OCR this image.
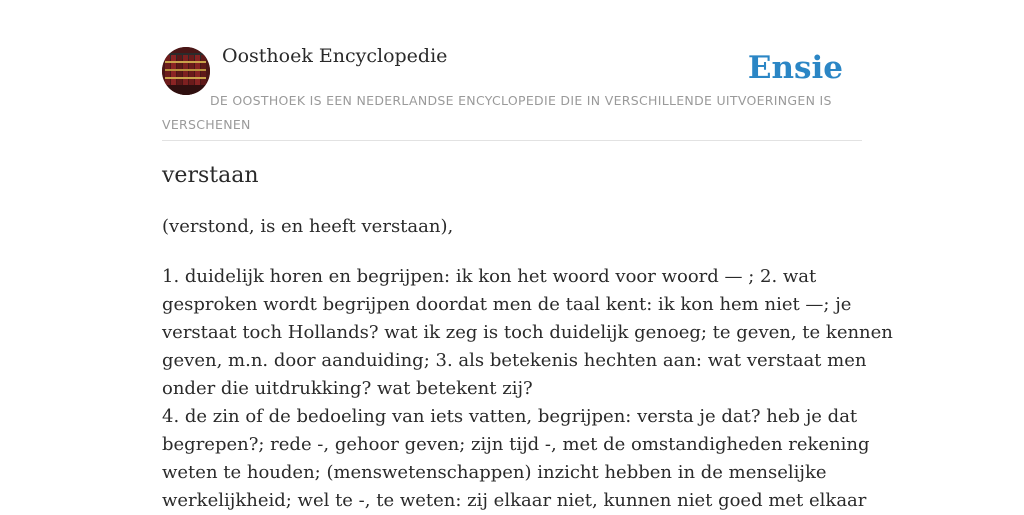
Oosthoek Encyclopedie	Ensie
DE OOSTHOEK IS EEN NEDERLANDSE ENCYCLOPEDIE DIE IN VERSCHILLENDE UITVOERINGEN IS VERSCHENEN
verstaan

(verstond, is en heeft verstaan),

1. duidelijk horen en begrijpen: ik kon het woord voor woord — ; 2. wat
gesproken wordt begrijpen doordat men de taal kent: ik kon hem niet —; je
verstaat toch Hollands? wat ik zeg is toch duidelijk genoeg; te geven, te kennen
geven, m.n. door aanduiding; 3. als betekenis hechten aan: wat verstaat men
onder die uitdrukking? wat betekent zij?
4. de zin of de bedoeling van iets vatten, begrijpen: versta je dat? heb je dat
begrepen?; rede -, gehoor geven; zijn tijd -, met de omstandigheden rekening
weten te houden; (menswetenschappen) inzicht hebben in de menselijke
werkelijkheid; wel te -, te weten: zij elkaar niet, kunnen niet goed met elkaar
